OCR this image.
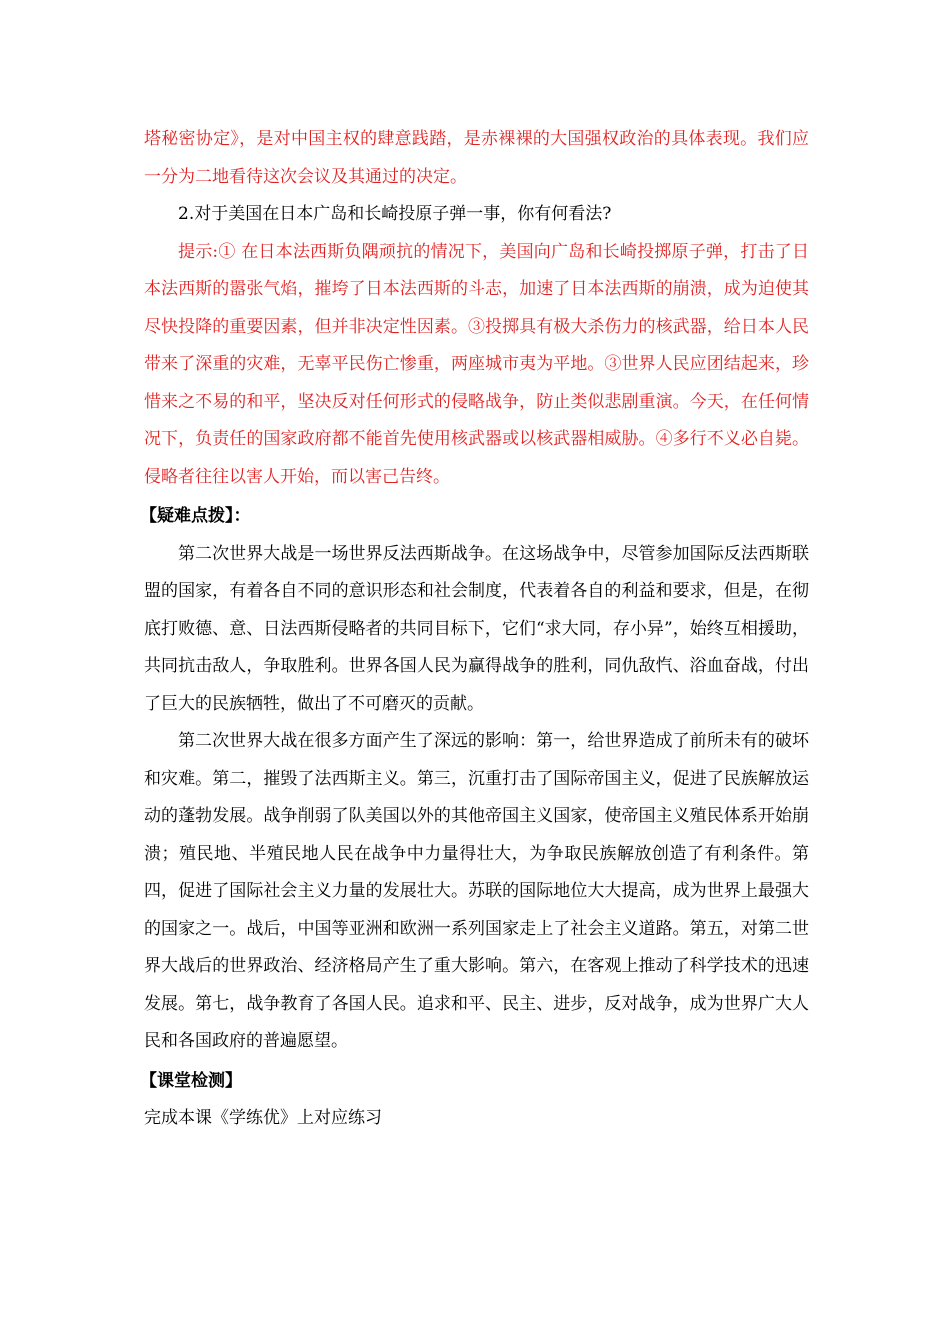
塔秘密协定》，是对中国主权的肆意践踏，是赤裸裸的大国强权政治的具体表现。我们应一分为二地看待这次会议及其通过的决定。

2.对于美国在日本广岛和长崎投原子弹一事，你有何看法?

提示:① 在日本法西斯负隅顽抗的情况下，美国向广岛和长崎投掷原子弹，打击了日本法西斯的嚣张气焰，摧垮了日本法西斯的斗志，加速了日本法西斯的崩溃，成为迫使其尽快投降的重要因素，但并非决定性因素。③投掷具有极大杀伤力的核武器，给日本人民带来了深重的灾难，无辜平民伤亡惨重，两座城市夷为平地。③世界人民应团结起来，珍惜来之不易的和平，坚决反对任何形式的侵略战争，防止类似悲剧重演。今天，在任何情况下，负责任的国家政府都不能首先使用核武器或以核武器相威胁。④多行不义必自毙。侵略者往往以害人开始，而以害己告终。

【疑难点拨】：

第二次世界大战是一场世界反法西斯战争。在这场战争中，尽管参加国际反法西斯联盟的国家，有着各自不同的意识形态和社会制度，代表着各自的利益和要求，但是，在彻底打败德、意、日法西斯侵略者的共同目标下，它们“求大同，存小异”，始终互相援助，共同抗击敌人，争取胜利。世界各国人民为赢得战争的胜利，同仇敌忾、浴血奋战，付出了巨大的民族牺牲，做出了不可磨灭的贡献。

第二次世界大战在很多方面产生了深远的影响：第一，给世界造成了前所未有的破坏和灾难。第二，摧毁了法西斯主义。第三，沉重打击了国际帝国主义，促进了民族解放运动的蓬勃发展。战争削弱了队美国以外的其他帝国主义国家，使帝国主义殖民体系开始崩溃；殖民地、半殖民地人民在战争中力量得壮大，为争取民族解放创造了有利条件。第四，促进了国际社会主义力量的发展壮大。苏联的国际地位大大提高，成为世界上最强大的国家之一。战后，中国等亚洲和欧洲一系列国家走上了社会主义道路。第五，对第二世界大战后的世界政治、经济格局产生了重大影响。第六，在客观上推动了科学技术的迅速发展。第七，战争教育了各国人民。追求和平、民主、进步，反对战争，成为世界广大人民和各国政府的普遍愿望。

【课堂检测】

完成本课《学练优》上对应练习
